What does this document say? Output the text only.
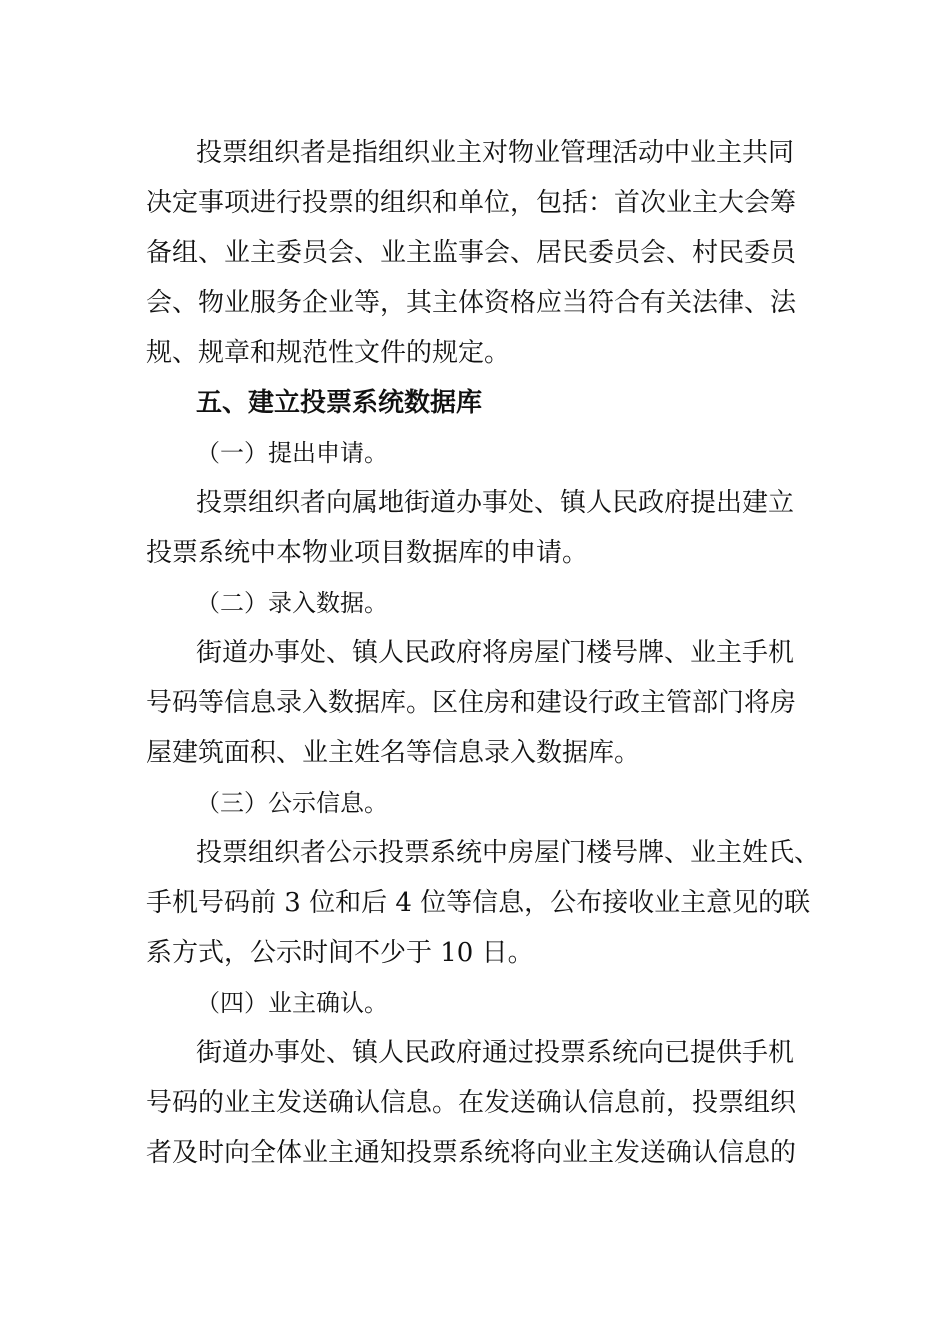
投票组织者是指组织业主对物业管理活动中业主共同
决定事项进行投票的组织和单位，包括：首次业主大会筹
备组、业主委员会、业主监事会、居民委员会、村民委员
会、物业服务企业等，其主体资格应当符合有关法律、法
规、规章和规范性文件的规定。
五、建立投票系统数据库
（一）提出申请。
投票组织者向属地街道办事处、镇人民政府提出建立
投票系统中本物业项目数据库的申请。
（二）录入数据。
街道办事处、镇人民政府将房屋门楼号牌、业主手机
号码等信息录入数据库。区住房和建设行政主管部门将房
屋建筑面积、业主姓名等信息录入数据库。
（三）公示信息。
投票组织者公示投票系统中房屋门楼号牌、业主姓氏、
手机号码前 3 位和后 4 位等信息，公布接收业主意见的联
系方式，公示时间不少于 10 日。
（四）业主确认。
街道办事处、镇人民政府通过投票系统向已提供手机
号码的业主发送确认信息。在发送确认信息前，投票组织
者及时向全体业主通知投票系统将向业主发送确认信息的
